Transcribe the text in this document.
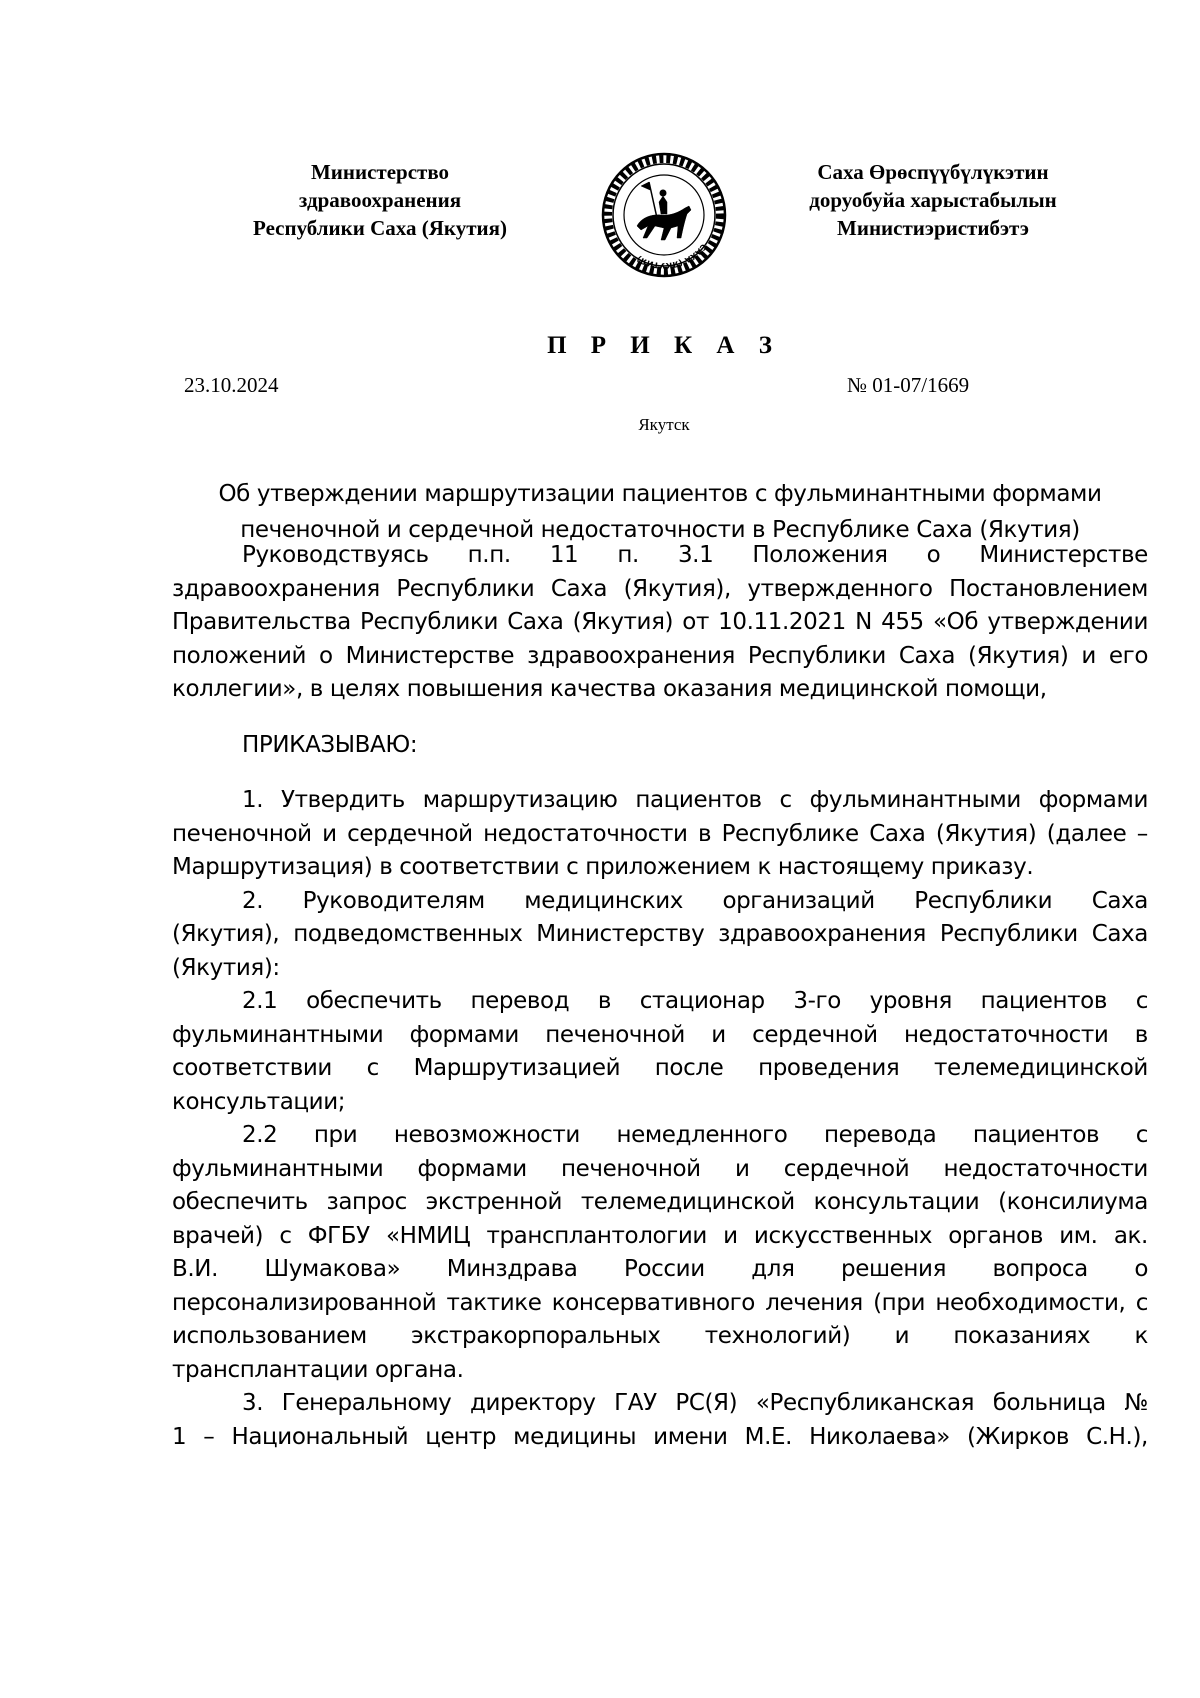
Министерство
здравоохранения
Республики Саха (Якутия)
САХА (ЯКУТИЯ)
Саха Өрөспүүбүлүкэтин
доруобуйа харыстабылын
Министиэристибэтэ
П Р И К А З
23.10.2024	№ 01-07/1669
Якутск
Об утверждении маршрутизации пациентов с фульминантными формами
печеночной и сердечной недостаточности в Республике Саха (Якутия)
Руководствуясь п.п. 11 п. 3.1 Положения о Министерстве
здравоохранения Республики Саха (Якутия), утвержденного Постановлением
Правительства Республики Саха (Якутия) от 10.11.2021 N 455 «Об утверждении
положений о Министерстве здравоохранения Республики Саха (Якутия) и его
коллегии», в целях повышения качества оказания медицинской помощи,
ПРИКАЗЫВАЮ:
1. Утвердить маршрутизацию пациентов с фульминантными формами
печеночной и сердечной недостаточности в Республике Саха (Якутия) (далее –
Маршрутизация) в соответствии с приложением к настоящему приказу.
2. Руководителям медицинских организаций Республики Саха
(Якутия), подведомственных Министерству здравоохранения Республики Саха
(Якутия):
2.1 обеспечить перевод в стационар 3-го уровня пациентов с
фульминантными формами печеночной и сердечной недостаточности в
соответствии с Маршрутизацией после проведения телемедицинской
консультации;
2.2 при невозможности немедленного перевода пациентов с
фульминантными формами печеночной и сердечной недостаточности
обеспечить запрос экстренной телемедицинской консультации (консилиума
врачей) с ФГБУ «НМИЦ трансплантологии и искусственных органов им. ак.
В.И. Шумакова» Минздрава России для решения вопроса о
персонализированной тактике консервативного лечения (при необходимости, с
использованием экстракорпоральных технологий) и показаниях к
трансплантации органа.
3. Генеральному директору ГАУ РС(Я) «Республиканская больница №
1 – Национальный центр медицины имени М.Е. Николаева» (Жирков С.Н.),
